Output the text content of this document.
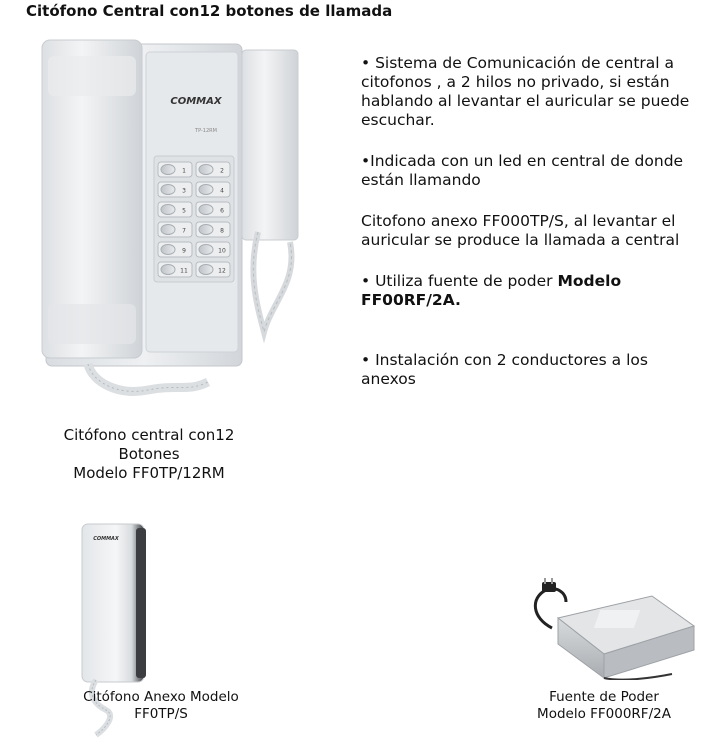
Citófono Central con12 botones de llamada
COMMAX
TP-12RM
1	2
3	4
5	6
7	8
9	10
11	12
Citófono central con12
Botones
Modelo FF0TP/12RM

• Sistema de Comunicación de central a citofonos , a 2 hilos no privado, si están hablando al levantar el auricular se puede escuchar.

•Indicada con un led en central de donde están llamando

Citofono anexo FF000TP/S, al levantar el auricular se produce la llamada a central

• Utiliza fuente de poder Modelo FF00RF/2A.

• Instalación con 2 conductores a los anexos

COMMAX
Citófono Anexo Modelo
FF0TP/S
Fuente de Poder
Modelo FF000RF/2A
